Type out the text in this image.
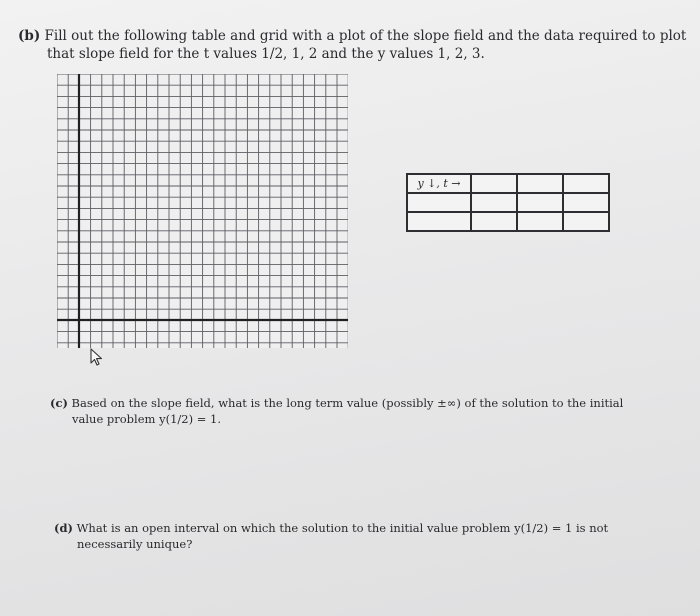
(b) Fill out the following table and grid with a plot of the slope field and the data required to plot
that slope field for the t values 1/2, 1, 2 and the y values 1, 2, 3.
y ↓, t →			

(c) Based on the slope field, what is the long term value (possibly ±∞) of the solution to the initial
value problem y(1/2) = 1.
(d) What is an open interval on which the solution to the initial value problem y(1/2) = 1 is not
necessarily unique?
